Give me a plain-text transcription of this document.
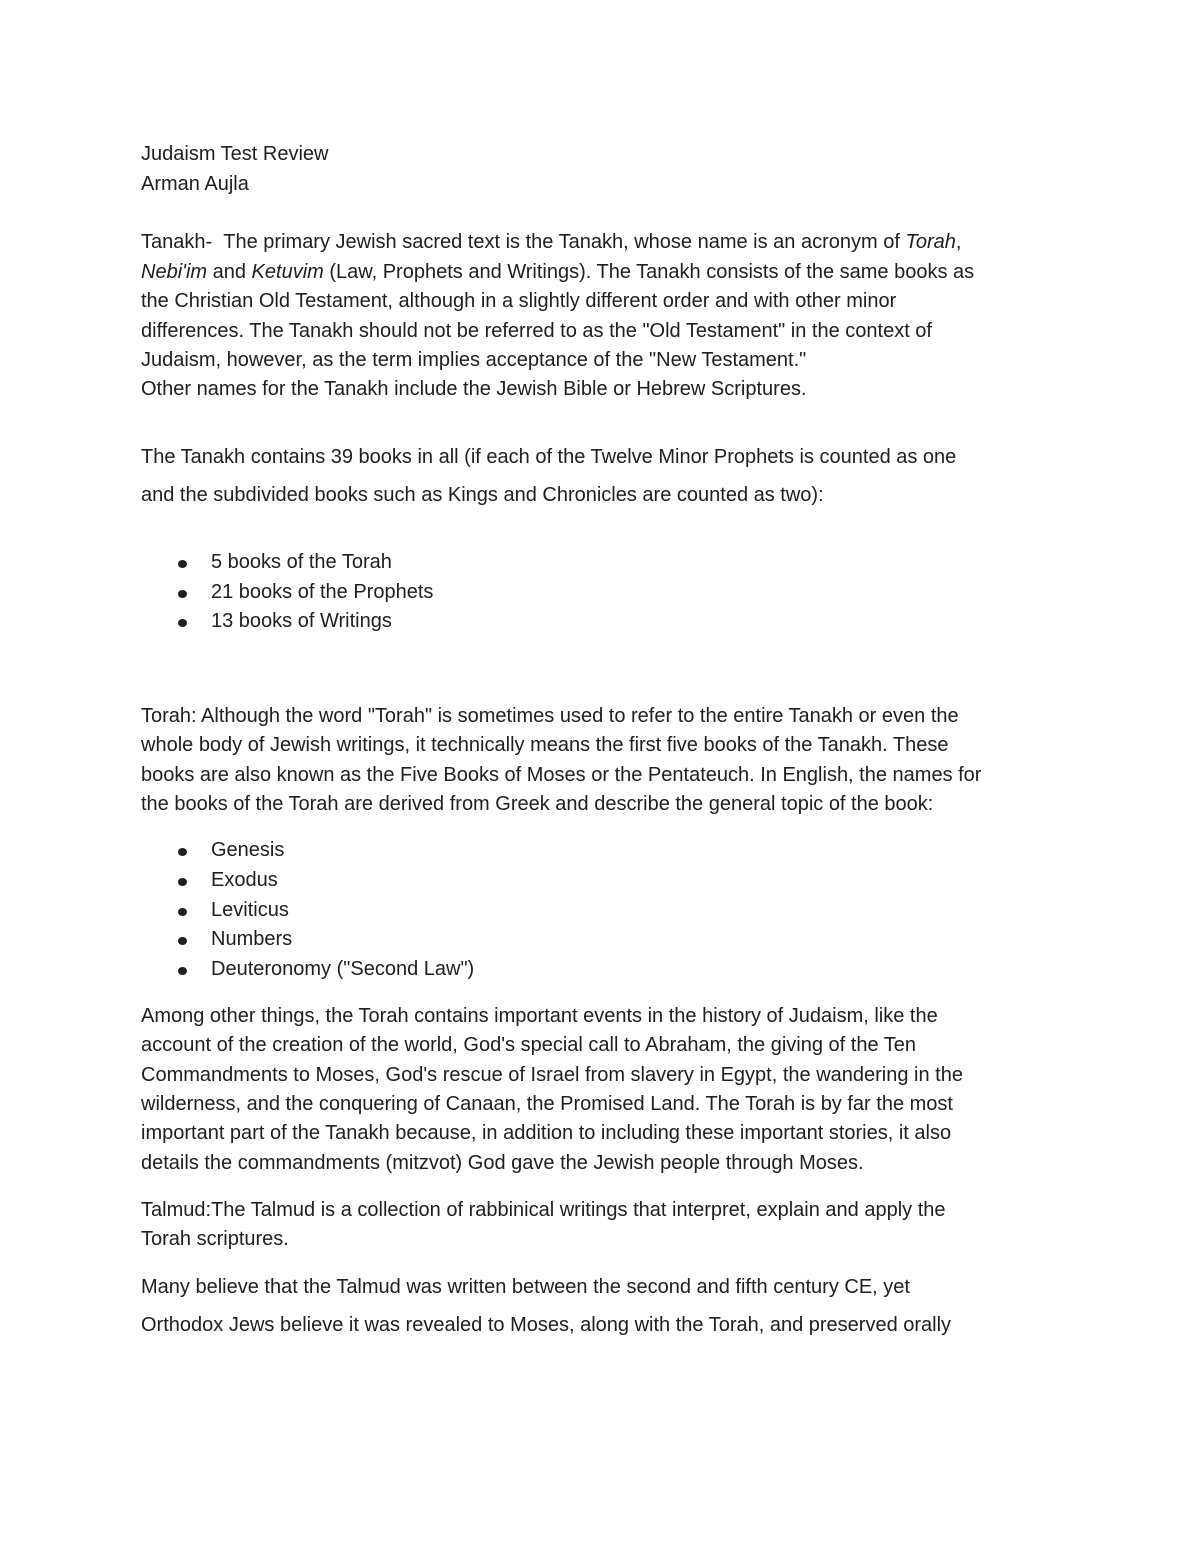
Judaism Test Review
Arman Aujla
Tanakh- The primary Jewish sacred text is the Tanakh, whose name is an acronym of Torah,
Nebi'im and Ketuvim (Law, Prophets and Writings). The Tanakh consists of the same books as
the Christian Old Testament, although in a slightly different order and with other minor
differences. The Tanakh should not be referred to as the "Old Testament" in the context of
Judaism, however, as the term implies acceptance of the "New Testament."
Other names for the Tanakh include the Jewish Bible or Hebrew Scriptures.
The Tanakh contains 39 books in all (if each of the Twelve Minor Prophets is counted as one
and the subdivided books such as Kings and Chronicles are counted as two):
5 books of the Torah
21 books of the Prophets
13 books of Writings
Torah: Although the word "Torah" is sometimes used to refer to the entire Tanakh or even the
whole body of Jewish writings, it technically means the first five books of the Tanakh. These
books are also known as the Five Books of Moses or the Pentateuch. In English, the names for
the books of the Torah are derived from Greek and describe the general topic of the book:
Genesis
Exodus
Leviticus
Numbers
Deuteronomy ("Second Law")
Among other things, the Torah contains important events in the history of Judaism, like the
account of the creation of the world, God's special call to Abraham, the giving of the Ten
Commandments to Moses, God's rescue of Israel from slavery in Egypt, the wandering in the
wilderness, and the conquering of Canaan, the Promised Land. The Torah is by far the most
important part of the Tanakh because, in addition to including these important stories, it also
details the commandments (mitzvot) God gave the Jewish people through Moses.
Talmud:The Talmud is a collection of rabbinical writings that interpret, explain and apply the
Torah scriptures.
Many believe that the Talmud was written between the second and fifth century CE, yet
Orthodox Jews believe it was revealed to Moses, along with the Torah, and preserved orally
